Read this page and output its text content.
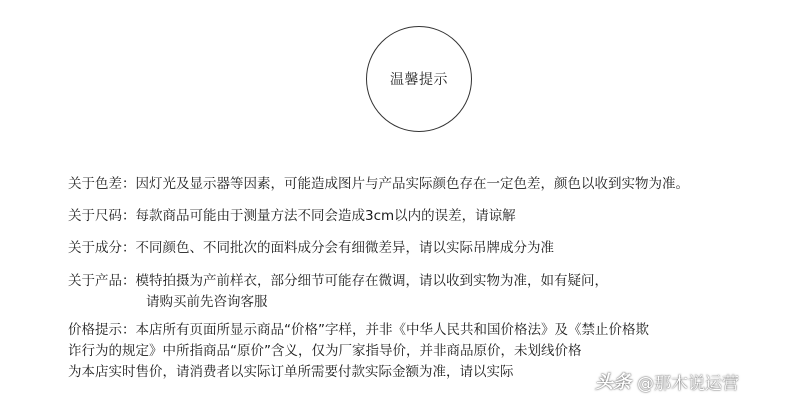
温馨提示
关于色差：因灯光及显示器等因素，可能造成图片与产品实际颜色存在一定色差，颜色以收到实物为准。
关于尺码：每款商品可能由于测量方法不同会造成3cm以内的误差，请谅解
关于成分：不同颜色、不同批次的面料成分会有细微差异，请以实际吊牌成分为准
关于产品：模特拍摄为产前样衣，部分细节可能存在微调，请以收到实物为准，如有疑问，
请购买前先咨询客服
价格提示：本店所有页面所显示商品“价格”字样，并非《中华人民共和国价格法》及《禁止价格欺
诈行为的规定》中所指商品“原价”含义，仅为厂家指导价，并非商品原价，未划线价格
为本店实时售价，请消费者以实际订单所需要付款实际金额为准，请以实际	头条 @那木说运营
